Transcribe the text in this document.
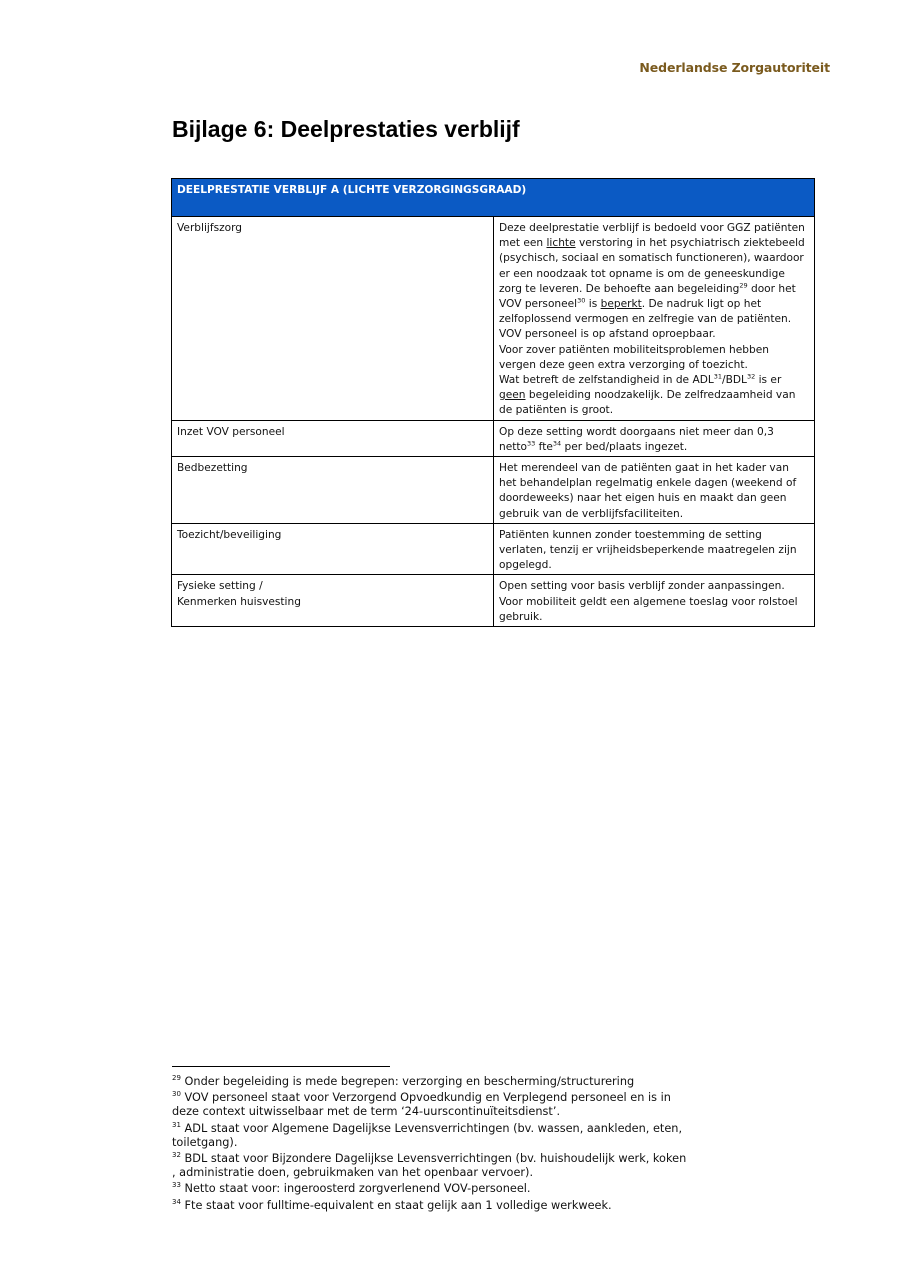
Nederlandse Zorgautoriteit
Bijlage 6: Deelprestaties verblijf
DEELPRESTATIE VERBLIJF A (LICHTE VERZORGINGSGRAAD)	
Verblijfszorg	Deze deelprestatie verblijf is bedoeld voor GGZ patiënten met een lichte verstoring in het psychiatrisch ziektebeeld (psychisch, sociaal en somatisch functioneren), waardoor er een noodzaak tot opname is om de geneeskundige zorg te leveren. De behoefte aan begeleiding$^{29}$ door het VOV personeel$^{30}$ is beperkt. De nadruk ligt op het zelfoplossend vermogen en zelfregie van de patiënten. VOV personeel is op afstand oproepbaar.
Voor zover patiënten mobiliteitsproblemen hebben vergen deze geen extra verzorging of toezicht.
Wat betreft de zelfstandigheid in de ADL$^{31}$/BDL$^{32}$ is er geen begeleiding noodzakelijk. De zelfredzaamheid van de patiënten is groot.

Inzet VOV personeel	Op deze setting wordt doorgaans niet meer dan 0,3 netto$^{33}$ fte$^{34}$ per bed/plaats ingezet.
Bedbezetting	Het merendeel van de patiënten gaat in het kader van het behandelplan regelmatig enkele dagen (weekend of doordeweeks) naar het eigen huis en maakt dan geen gebruik van de verblijfsfaciliteiten.
Toezicht/beveiliging	Patiënten kunnen zonder toestemming de setting verlaten, tenzij er vrijheidsbeperkende maatregelen zijn opgelegd.

Fysieke setting /
Kenmerken huisvesting	Open setting voor basis verblijf zonder aanpassingen. Voor mobiliteit geldt een algemene toeslag voor rolstoel gebruik.
$^{29}$ Onder begeleiding is mede begrepen: verzorging en bescherming/structurering
$^{30}$ VOV personeel staat voor Verzorgend Opvoedkundig en Verplegend personeel en is in deze context uitwisselbaar met de term ‘24-uurscontinuïteitsdienst’.
$^{31}$ ADL staat voor Algemene Dagelijkse Levensverrichtingen (bv. wassen, aankleden, eten, toiletgang).
$^{32}$ BDL staat voor Bijzondere Dagelijkse Levensverrichtingen (bv. huishoudelijk werk, koken , administratie doen, gebruikmaken van het openbaar vervoer).
$^{33}$ Netto staat voor: ingeroosterd zorgverlenend VOV-personeel.
$^{34}$ Fte staat voor fulltime-equivalent en staat gelijk aan 1 volledige werkweek.
